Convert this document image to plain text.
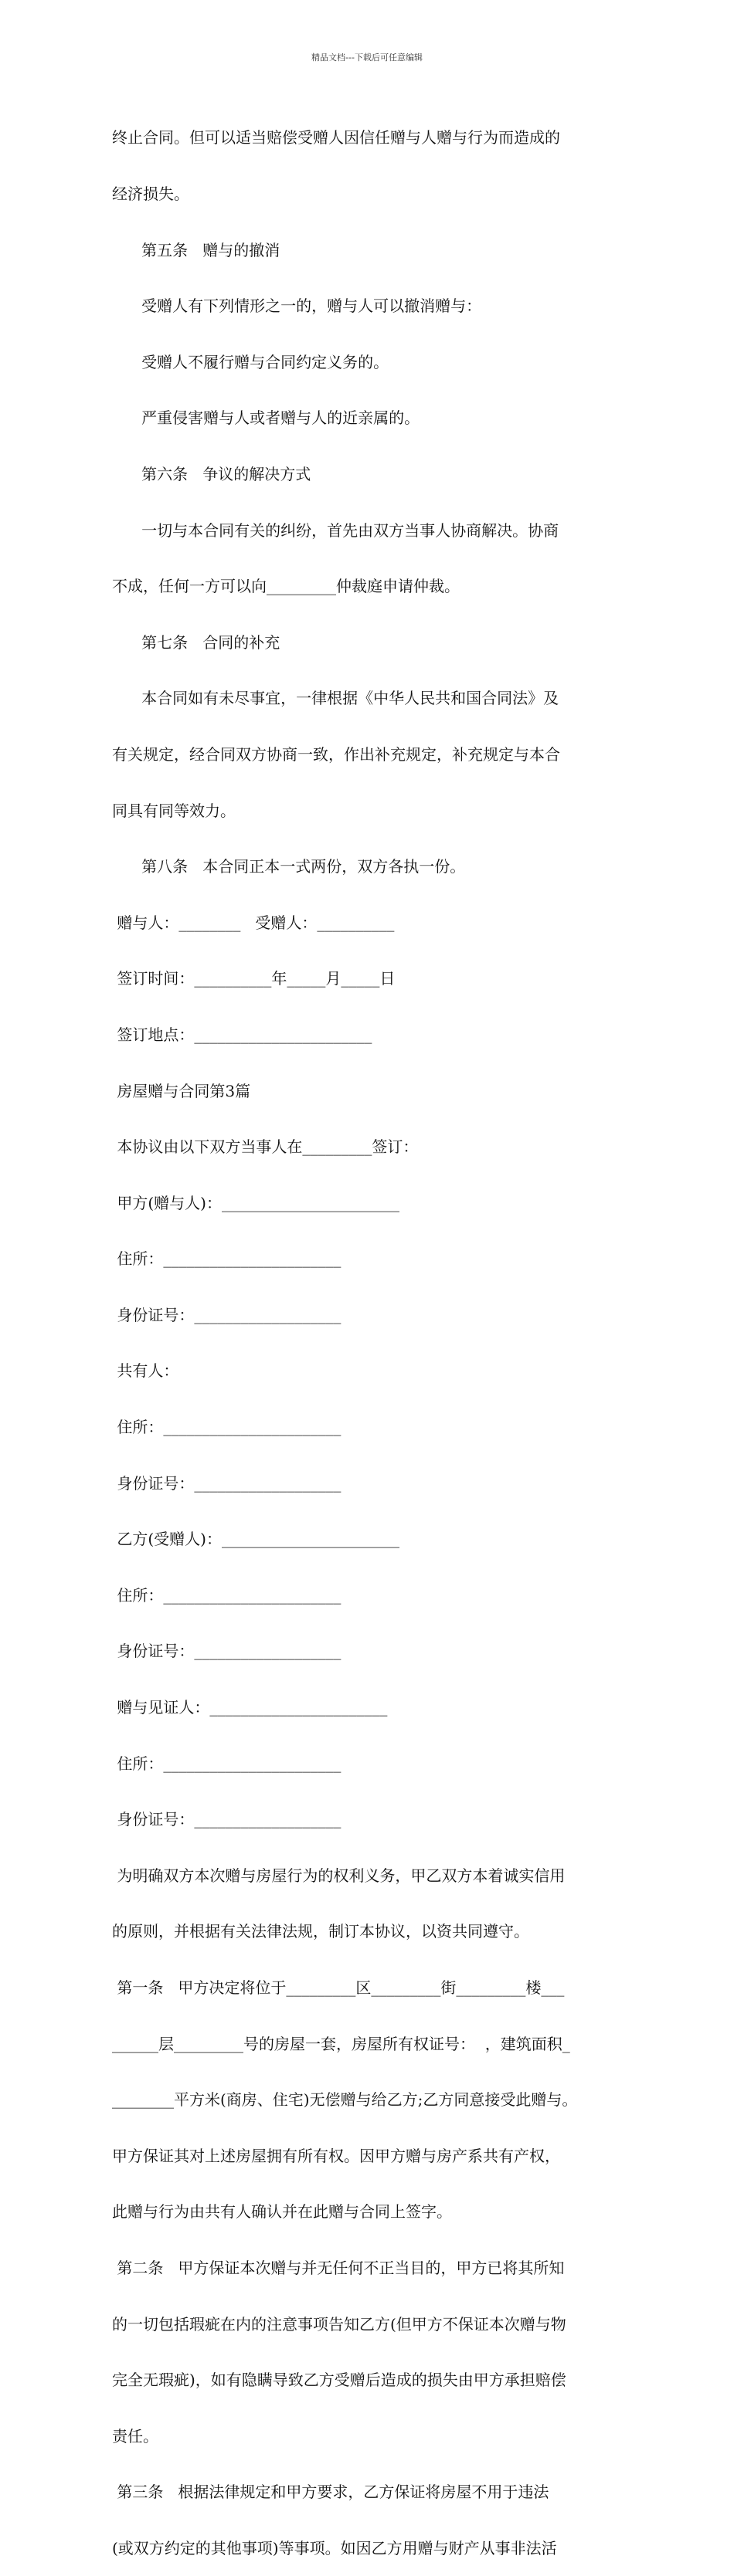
精品文档---下载后可任意编辑

终止合同。但可以适当赔偿受赠人因信任赠与人赠与行为而造成的

经济损失。

第五条   赠与的撤消

受赠人有下列情形之一的，赠与人可以撤消赠与：

受赠人不履行赠与合同约定义务的。

严重侵害赠与人或者赠与人的近亲属的。

第六条   争议的解决方式

一切与本合同有关的纠纷，首先由双方当事人协商解决。协商

不成，任何一方可以向_________仲裁庭申请仲裁。

第七条   合同的补充

本合同如有未尽事宜，一律根据《中华人民共和国合同法》及

有关规定，经合同双方协商一致，作出补充规定，补充规定与本合

同具有同等效力。

第八条   本合同正本一式两份，双方各执一份。

赠与人：________   受赠人：__________

签订时间：__________年_____月_____日

签订地点：_______________________

房屋赠与合同第3篇

本协议由以下双方当事人在_________签订：

甲方(赠与人)：_______________________

住所：_______________________

身份证号：___________________

共有人：

住所：_______________________

身份证号：___________________

乙方(受赠人)：_______________________

住所：_______________________

身份证号：___________________

赠与见证人：_______________________

住所：_______________________

身份证号：___________________

为明确双方本次赠与房屋行为的权利义务，甲乙双方本着诚实信用

的原则，并根据有关法律法规，制订本协议，以资共同遵守。

第一条   甲方决定将位于_________区_________街_________楼___

______层_________号的房屋一套，房屋所有权证号：  ，建筑面积_

________平方米(商房、住宅)无偿赠与给乙方;乙方同意接受此赠与。

甲方保证其对上述房屋拥有所有权。因甲方赠与房产系共有产权，

此赠与行为由共有人确认并在此赠与合同上签字。

第二条   甲方保证本次赠与并无任何不正当目的，甲方已将其所知

的一切包括瑕疵在内的注意事项告知乙方(但甲方不保证本次赠与物

完全无瑕疵)，如有隐瞒导致乙方受赠后造成的损失由甲方承担赔偿

责任。

第三条   根据法律规定和甲方要求，乙方保证将房屋不用于违法

(或双方约定的其他事项)等事项。如因乙方用赠与财产从事非法活
